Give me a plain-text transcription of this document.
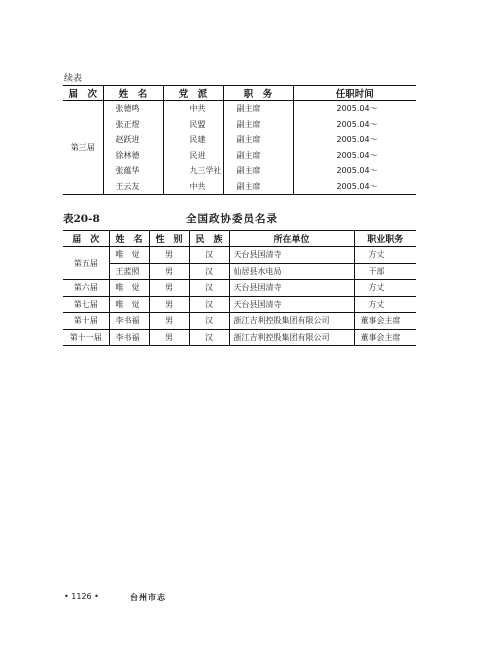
续表
届　次	姓　名	党　派	职　务	任职时间
第三届	张德鸣	中共	副主席	2005.04～
	张正煜	民盟	副主席	2005.04～
	赵跃进	民建	副主席	2005.04～
	徐林德	民进	副主席	2005.04～
	张蕴华	九三学社	副主席	2005.04～
	王云友	中共	副主席	2005.04～
表20-8	全国政协委员名录
届　次	姓　名	性　别	民　族	所在单位	职业职务
第五届	唯　觉	男	汉	天台县国清寺	方丈
	王蓝照	男	汉	仙居县水电局	干部
第六届	唯　觉	男	汉	天台县国清寺	方丈
第七届	唯　觉	男	汉	天台县国清寺	方丈
第十届	李书福	男	汉	浙江吉利控股集团有限公司	董事会主席
第十一届	李书福	男	汉	浙江吉利控股集团有限公司	董事会主席
• 1126 •	台州市志
